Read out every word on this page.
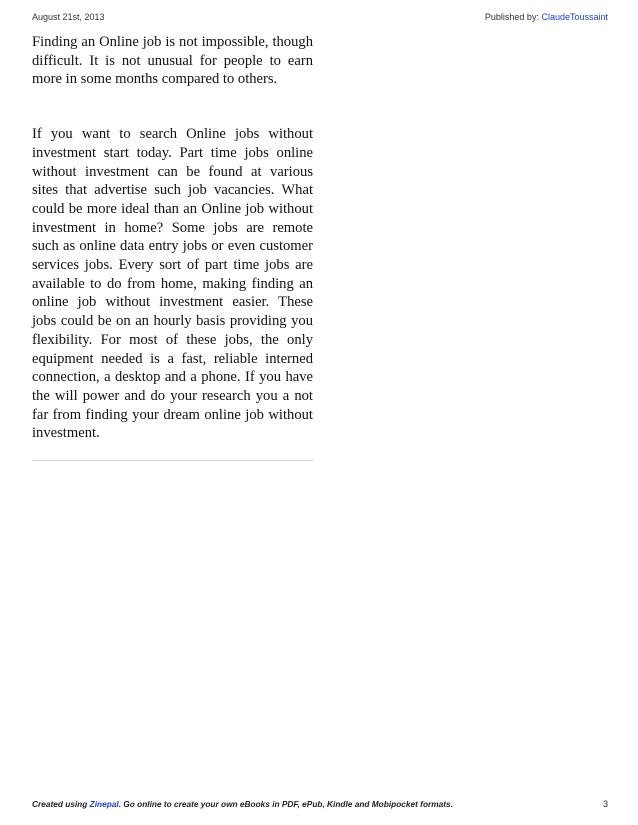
August 21st, 2013	Published by: ClaudeToussaint

Finding an Online job is not impossible, though difficult. It is not unusual for people to earn more in some months compared to others.

If you want to search Online jobs without investment start today. Part time jobs online without investment can be found at various sites that advertise such job vacancies. What could be more ideal than an Online job without investment in home? Some jobs are remote such as online data entry jobs or even customer services jobs. Every sort of part time jobs are available to do from home, making finding an online job without investment easier. These jobs could be on an hourly basis providing you flexibility. For most of these jobs, the only equipment needed is a fast, reliable interned connection, a desktop and a phone. If you have the will power and do your research you a not far from finding your dream online job without investment.

Created using Zinepal. Go online to create your own eBooks in PDF, ePub, Kindle and Mobipocket formats.	3
